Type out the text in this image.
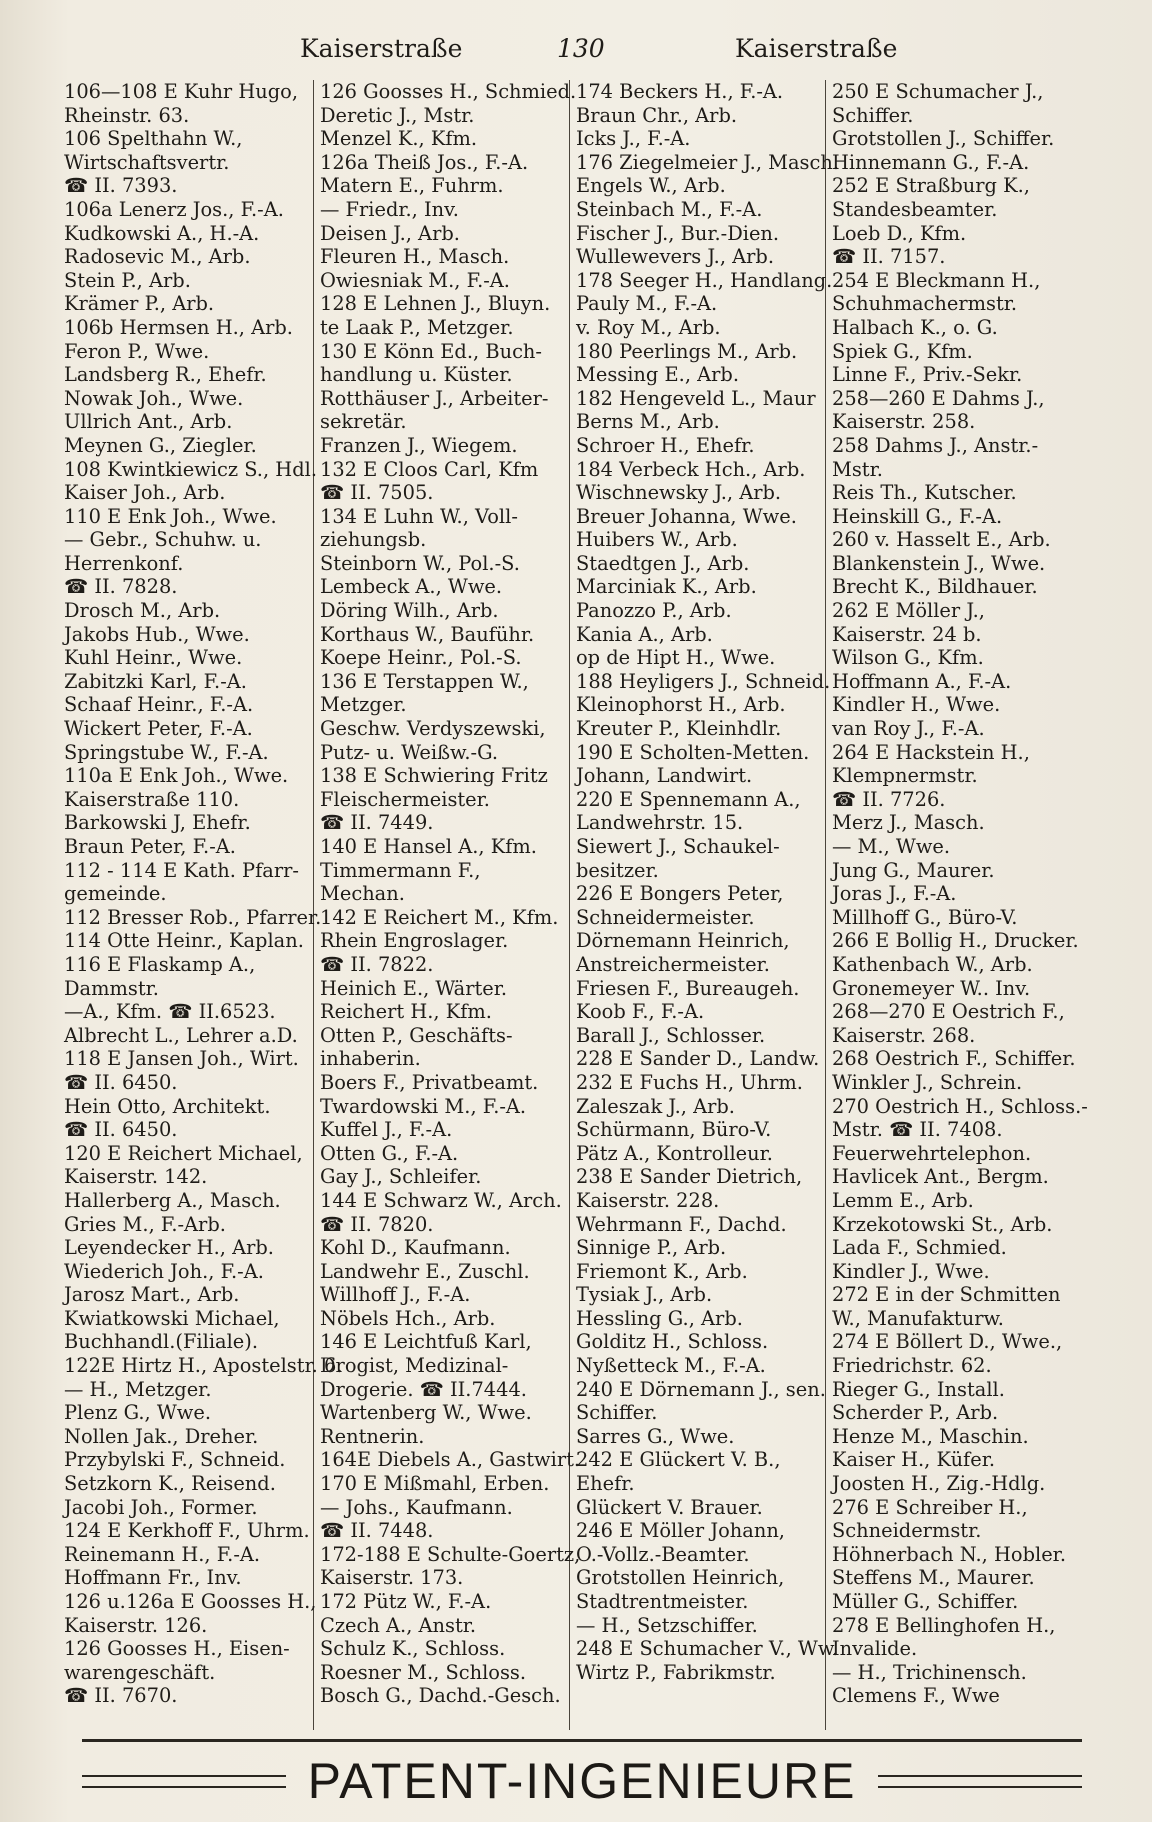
Kaiserstraße	130	Kaiserstraße
106—108 E Kuhr Hugo,
Rheinstr. 63.
106 Spelthahn W.,
Wirtschaftsvertr.
☎ II. 7393.
106a Lenerz Jos., F.-A.
Kudkowski A., H.-A.
Radosevic M., Arb.
Stein P., Arb.
Krämer P., Arb.
106b Hermsen H., Arb.
Feron P., Wwe.
Landsberg R., Ehefr.
Nowak Joh., Wwe.
Ullrich Ant., Arb.
Meynen G., Ziegler.
108 Kwintkiewicz S., Hdl.
Kaiser Joh., Arb.
110 E Enk Joh., Wwe.
— Gebr., Schuhw. u.
Herrenkonf.
☎ II. 7828.
Drosch M., Arb.
Jakobs Hub., Wwe.
Kuhl Heinr., Wwe.
Zabitzki Karl, F.-A.
Schaaf Heinr., F.-A.
Wickert Peter, F.-A.
Springstube W., F.-A.
110a E Enk Joh., Wwe.
Kaiserstraße 110.
Barkowski J, Ehefr.
Braun Peter, F.-A.
112 - 114 E Kath. Pfarr-
gemeinde.
112 Bresser Rob., Pfarrer.
114 Otte Heinr., Kaplan.
116 E Flaskamp A.,
Dammstr.
—A., Kfm. ☎ II.6523.
Albrecht L., Lehrer a.D.
118 E Jansen Joh., Wirt.
☎ II. 6450.
Hein Otto, Architekt.
☎ II. 6450.
120 E Reichert Michael,
Kaiserstr. 142.
Hallerberg A., Masch.
Gries M., F.-Arb.
Leyendecker H., Arb.
Wiederich Joh., F.-A.
Jarosz Mart., Arb.
Kwiatkowski Michael,
Buchhandl.(Filiale).
122E Hirtz H., Apostelstr. 6.
— H., Metzger.
Plenz G., Wwe.
Nollen Jak., Dreher.
Przybylski F., Schneid.
Setzkorn K., Reisend.
Jacobi Joh., Former.
124 E Kerkhoff F., Uhrm.
Reinemann H., F.-A.
Hoffmann Fr., Inv.
126 u.126a E Goosses H.,
Kaiserstr. 126.
126 Goosses H., Eisen-
warengeschäft.
☎ II. 7670.
126 Goosses H., Schmied.
Deretic J., Mstr.
Menzel K., Kfm.
126a Theiß Jos., F.-A.
Matern E., Fuhrm.
— Friedr., Inv.
Deisen J., Arb.
Fleuren H., Masch.
Owiesniak M., F.-A.
128 E Lehnen J., Bluyn.
te Laak P., Metzger.
130 E Könn Ed., Buch-
handlung u. Küster.
Rotthäuser J., Arbeiter-
sekretär.
Franzen J., Wiegem.
132 E Cloos Carl, Kfm
☎ II. 7505.
134 E Luhn W., Voll-
ziehungsb.
Steinborn W., Pol.-S.
Lembeck A., Wwe.
Döring Wilh., Arb.
Korthaus W., Bauführ.
Koepe Heinr., Pol.-S.
136 E Terstappen W.,
Metzger.
Geschw. Verdyszewski,
Putz- u. Weißw.-G.
138 E Schwiering Fritz
Fleischermeister.
☎ II. 7449.
140 E Hansel A., Kfm.
Timmermann F.,
Mechan.
142 E Reichert M., Kfm.
Rhein Engroslager.
☎ II. 7822.
Heinich E., Wärter.
Reichert H., Kfm.
Otten P., Geschäfts-
inhaberin.
Boers F., Privatbeamt.
Twardowski M., F.-A.
Kuffel J., F.-A.
Otten G., F.-A.
Gay J., Schleifer.
144 E Schwarz W., Arch.
☎ II. 7820.
Kohl D., Kaufmann.
Landwehr E., Zuschl.
Willhoff J., F.-A.
Nöbels Hch., Arb.
146 E Leichtfuß Karl,
Drogist, Medizinal-
Drogerie. ☎ II.7444.
Wartenberg W., Wwe.
Rentnerin.
164E Diebels A., Gastwirt.
170 E Mißmahl, Erben.
— Johs., Kaufmann.
☎ II. 7448.
172-188 E Schulte-Goertz,
Kaiserstr. 173.
172 Pütz W., F.-A.
Czech A., Anstr.
Schulz K., Schloss.
Roesner M., Schloss.
Bosch G., Dachd.-Gesch.
174 Beckers H., F.-A.
Braun Chr., Arb.
Icks J., F.-A.
176 Ziegelmeier J., Masch.
Engels W., Arb.
Steinbach M., F.-A.
Fischer J., Bur.-Dien.
Wullewevers J., Arb.
178 Seeger H., Handlang.
Pauly M., F.-A.
v. Roy M., Arb.
180 Peerlings M., Arb.
Messing E., Arb.
182 Hengeveld L., Maur
Berns M., Arb.
Schroer H., Ehefr.
184 Verbeck Hch., Arb.
Wischnewsky J., Arb.
Breuer Johanna, Wwe.
Huibers W., Arb.
Staedtgen J., Arb.
Marciniak K., Arb.
Panozzo P., Arb.
Kania A., Arb.
op de Hipt H., Wwe.
188 Heyligers J., Schneid.
Kleinophorst H., Arb.
Kreuter P., Kleinhdlr.
190 E Scholten-Metten.
Johann, Landwirt.
220 E Spennemann A.,
Landwehrstr. 15.
Siewert J., Schaukel-
besitzer.
226 E Bongers Peter,
Schneidermeister.
Dörnemann Heinrich,
Anstreichermeister.
Friesen F., Bureaugeh.
Koob F., F.-A.
Barall J., Schlosser.
228 E Sander D., Landw.
232 E Fuchs H., Uhrm.
Zaleszak J., Arb.
Schürmann, Büro-V.
Pätz A., Kontrolleur.
238 E Sander Dietrich,
Kaiserstr. 228.
Wehrmann F., Dachd.
Sinnige P., Arb.
Friemont K., Arb.
Tysiak J., Arb.
Hessling G., Arb.
Golditz H., Schloss.
Nyßetteck M., F.-A.
240 E Dörnemann J., sen.
Schiffer.
Sarres G., Wwe.
242 E Glückert V. B.,
Ehefr.
Glückert V. Brauer.
246 E Möller Johann,
O.-Vollz.-Beamter.
Grotstollen Heinrich,
Stadtrentmeister.
— H., Setzschiffer.
248 E Schumacher V., Ww.
Wirtz P., Fabrikmstr.
250 E Schumacher J.,
Schiffer.
Grotstollen J., Schiffer.
Hinnemann G., F.-A.
252 E Straßburg K.,
Standesbeamter.
Loeb D., Kfm.
☎ II. 7157.
254 E Bleckmann H.,
Schuhmachermstr.
Halbach K., o. G.
Spiek G., Kfm.
Linne F., Priv.-Sekr.
258—260 E Dahms J.,
Kaiserstr. 258.
258 Dahms J., Anstr.-
Mstr.
Reis Th., Kutscher.
Heinskill G., F.-A.
260 v. Hasselt E., Arb.
Blankenstein J., Wwe.
Brecht K., Bildhauer.
262 E Möller J.,
Kaiserstr. 24 b.
Wilson G., Kfm.
Hoffmann A., F.-A.
Kindler H., Wwe.
van Roy J., F.-A.
264 E Hackstein H.,
Klempnermstr.
☎ II. 7726.
Merz J., Masch.
— M., Wwe.
Jung G., Maurer.
Joras J., F.-A.
Millhoff G., Büro-V.
266 E Bollig H., Drucker.
Kathenbach W., Arb.
Gronemeyer W.. Inv.
268—270 E Oestrich F.,
Kaiserstr. 268.
268 Oestrich F., Schiffer.
Winkler J., Schrein.
270 Oestrich H., Schloss.-
Mstr. ☎ II. 7408.
Feuerwehrtelephon.
Havlicek Ant., Bergm.
Lemm E., Arb.
Krzekotowski St., Arb.
Lada F., Schmied.
Kindler J., Wwe.
272 E in der Schmitten
W., Manufakturw.
274 E Böllert D., Wwe.,
Friedrichstr. 62.
Rieger G., Install.
Scherder P., Arb.
Henze M., Maschin.
Kaiser H., Küfer.
Joosten H., Zig.-Hdlg.
276 E Schreiber H.,
Schneidermstr.
Höhnerbach N., Hobler.
Steffens M., Maurer.
Müller G., Schiffer.
278 E Bellinghofen H.,
Invalide.
— H., Trichinensch.
Clemens F., Wwe
PATENT-INGENIEURE
